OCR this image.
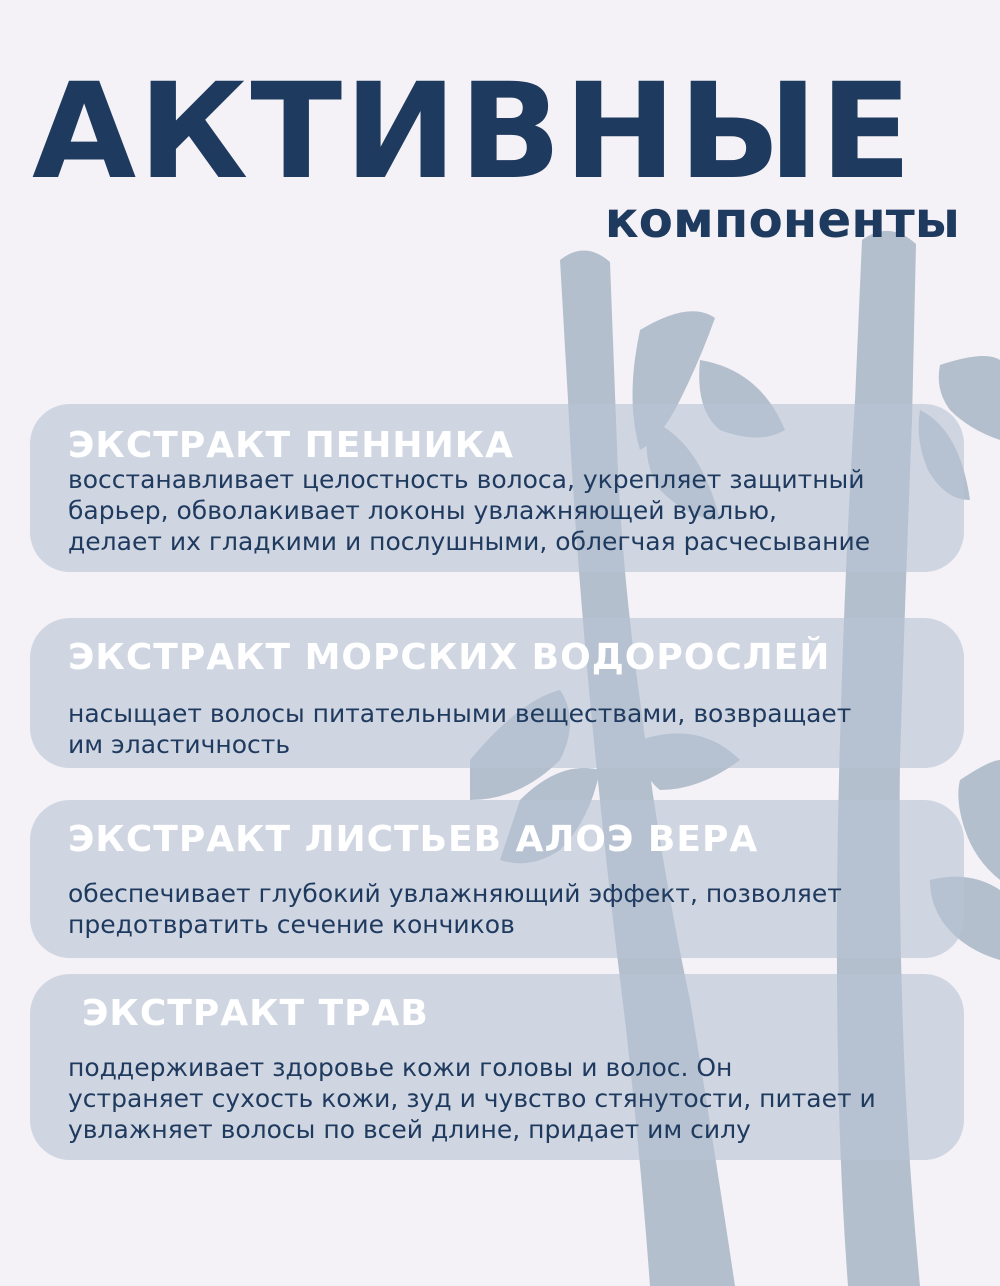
АКТИВНЫЕ
компоненты

ЭКСТРАКТ ПЕННИКА

восстанавливает целостность волоса, укрепляет защитный
барьер, обволакивает локоны увлажняющей вуалью,
делает их гладкими и послушными, облегчая расчесывание

ЭКСТРАКТ МОРСКИХ ВОДОРОСЛЕЙ

насыщает волосы питательными веществами, возвращает
им эластичность

ЭКСТРАКТ ЛИСТЬЕВ АЛОЭ ВЕРА

обеспечивает глубокий увлажняющий эффект, позволяет
предотвратить сечение кончиков

ЭКСТРАКТ ТРАВ

поддерживает здоровье кожи головы и волос. Он
устраняет сухость кожи, зуд и чувство стянутости, питает и
увлажняет волосы по всей длине, придает им силу
